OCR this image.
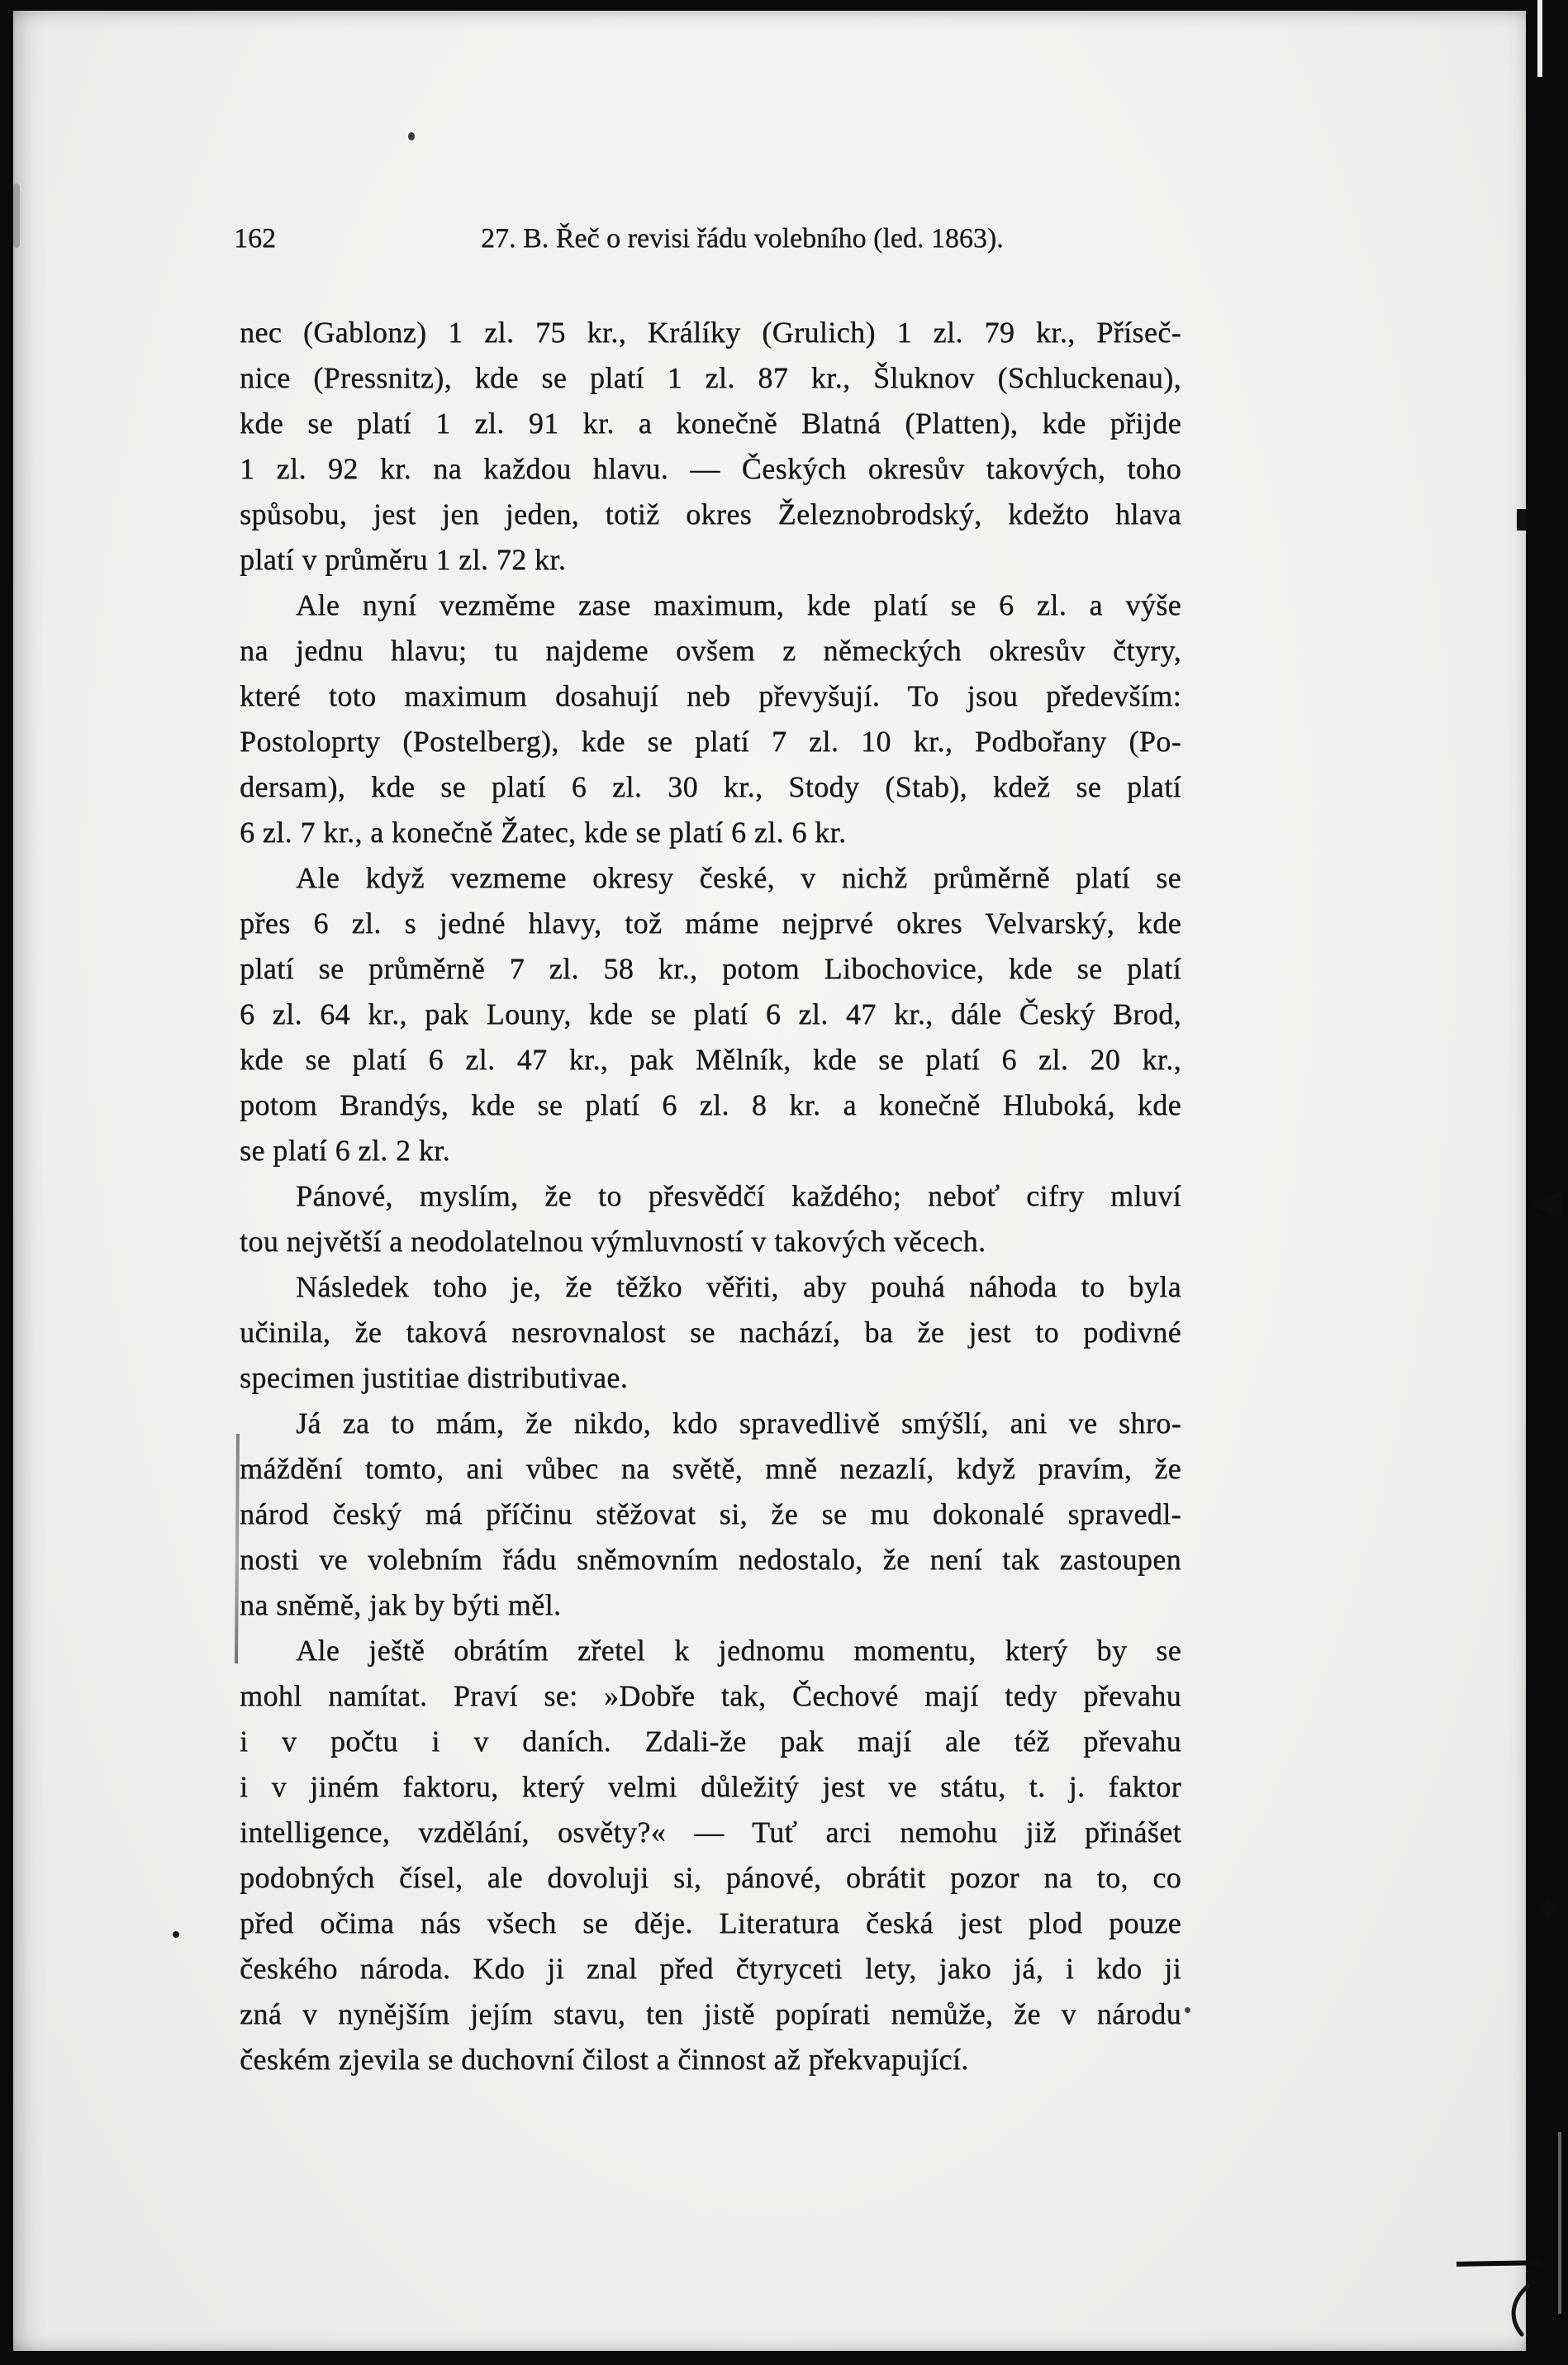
162	27. B. Řeč o revisi řádu volebního (led. 1863).
nec (Gablonz) 1 zl. 75 kr., Králíky (Grulich) 1 zl. 79 kr., Příseč-
nice (Pressnitz), kde se platí 1 zl. 87 kr., Šluknov (Schluckenau),
kde se platí 1 zl. 91 kr. a konečně Blatná (Platten), kde přijde
1 zl. 92 kr. na každou hlavu. — Českých okresův takových, toho
spůsobu, jest jen jeden, totiž okres Železnobrodský, kdežto hlava
platí v průměru 1 zl. 72 kr.
Ale nyní vezměme zase maximum, kde platí se 6 zl. a výše
na jednu hlavu; tu najdeme ovšem z německých okresův čtyry,
které toto maximum dosahují neb převyšují. To jsou především:
Postoloprty (Postelberg), kde se platí 7 zl. 10 kr., Podbořany (Po-
dersam), kde se platí 6 zl. 30 kr., Stody (Stab), kdež se platí
6 zl. 7 kr., a konečně Žatec, kde se platí 6 zl. 6 kr.
Ale když vezmeme okresy české, v nichž průměrně platí se
přes 6 zl. s jedné hlavy, tož máme nejprvé okres Velvarský, kde
platí se průměrně 7 zl. 58 kr., potom Libochovice, kde se platí
6 zl. 64 kr., pak Louny, kde se platí 6 zl. 47 kr., dále Český Brod,
kde se platí 6 zl. 47 kr., pak Mělník, kde se platí 6 zl. 20 kr.,
potom Brandýs, kde se platí 6 zl. 8 kr. a konečně Hluboká, kde
se platí 6 zl. 2 kr.
Pánové, myslím, že to přesvědčí každého; neboť cifry mluví
tou největší a neodolatelnou výmluvností v takových věcech.
Následek toho je, že těžko věřiti, aby pouhá náhoda to byla
učinila, že taková nesrovnalost se nachází, ba že jest to podivné
specimen justitiae distributivae.
Já za to mám, že nikdo, kdo spravedlivě smýšlí, ani ve shro-
máždění tomto, ani vůbec na světě, mně nezazlí, když pravím, že
národ český má příčinu stěžovat si, že se mu dokonalé spravedl-
nosti ve volebním řádu sněmovním nedostalo, že není tak zastoupen
na sněmě, jak by býti měl.
Ale ještě obrátím zřetel k jednomu momentu, který by se
mohl namítat. Praví se: »Dobře tak, Čechové mají tedy převahu
i v počtu i v daních. Zdali-že pak mají ale též převahu
i v jiném faktoru, který velmi důležitý jest ve státu, t. j. faktor
intelligence, vzdělání, osvěty?« — Tuť arci nemohu již přinášet
podobných čísel, ale dovoluji si, pánové, obrátit pozor na to, co
před očima nás všech se děje. Literatura česká jest plod pouze
českého národa. Kdo ji znal před čtyryceti lety, jako já, i kdo ji
zná v nynějším jejím stavu, ten jistě popírati nemůže, že v národu
českém zjevila se duchovní čilost a činnost až překvapující.
